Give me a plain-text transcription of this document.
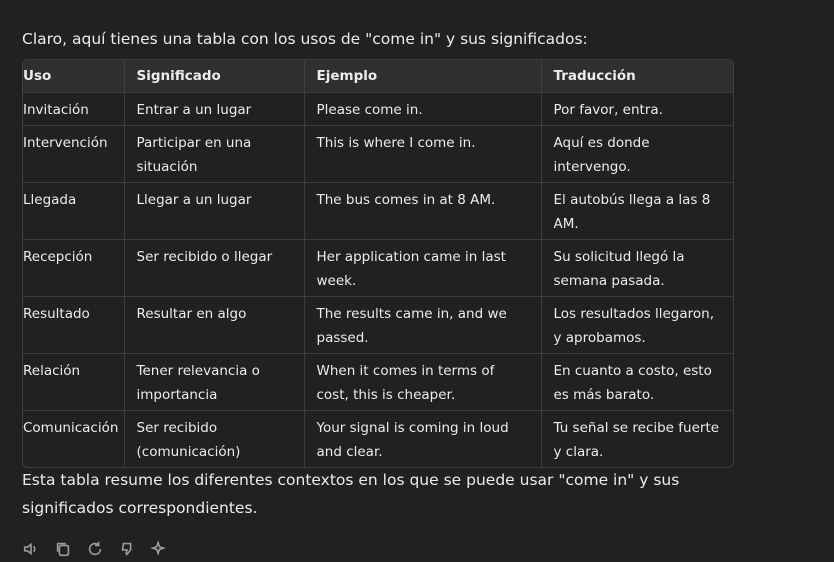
Claro, aquí tienes una tabla con los usos de "come in" y sus significados:
Uso	Significado	Ejemplo	Traducción
Invitación	Entrar a un lugar	Please come in.	Por favor, entra.
Intervención	Participar en una situación	This is where I come in.	Aquí es donde intervengo.
Llegada	Llegar a un lugar	The bus comes in at 8 AM.	El autobús llega a las 8 AM.
Recepción	Ser recibido o llegar	Her application came in last week.	Su solicitud llegó la semana pasada.
Resultado	Resultar en algo	The results came in, and we passed.	Los resultados llegaron, y aprobamos.
Relación	Tener relevancia o importancia	When it comes in terms of cost, this is cheaper.	En cuanto a costo, esto es más barato.
Comunicación	Ser recibido (comunicación)	Your signal is coming in loud and clear.	Tu señal se recibe fuerte y clara.
Esta tabla resume los diferentes contextos en los que se puede usar "come in" y sus significados correspondientes.
